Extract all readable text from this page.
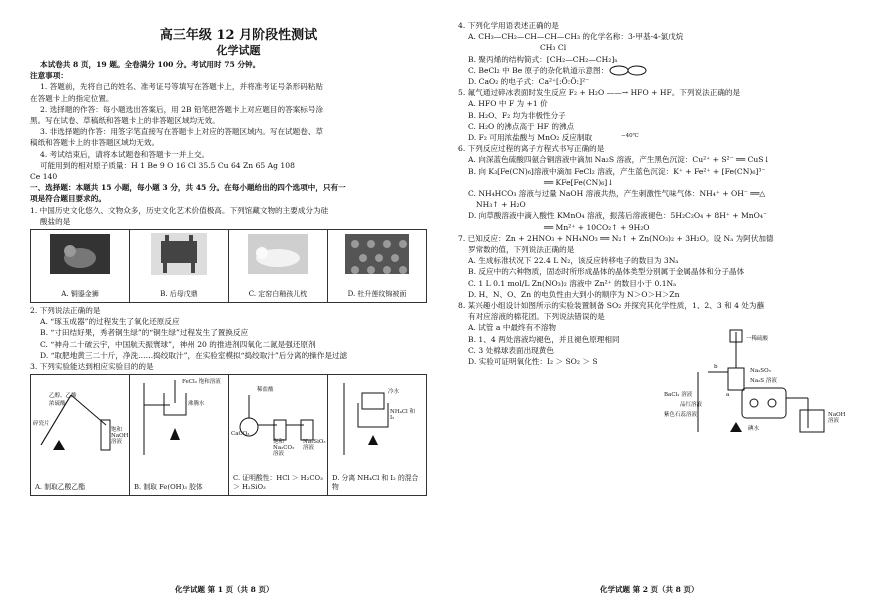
高三年级 12 月阶段性测试
化学试题
本试卷共 8 页，19 题。全卷满分 100 分。考试用时 75 分钟。
注意事项：
1. 答题前，先将自己的姓名、准考证号等填写在答题卡上，并将准考证号条形码粘贴
在答题卡上的指定位置。
2. 选择题的作答：每小题选出答案后，用 2B 铅笔把答题卡上对应题目的答案标号涂
黑。写在试卷、草稿纸和答题卡上的非答题区域均无效。
3. 非选择题的作答：用签字笔直接写在答题卡上对应的答题区域内。写在试题卷、草
稿纸和答题卡上的非答题区域均无效。
4. 考试结束后，请将本试题卷和答题卡一并上交。
可能用到的相对原子质量：H 1 Be 9 O 16 Cl 35.5 Cu 64 Zn 65 Ag 108
Ce 140
一、选择题：本题共 15 小题，每小题 3 分，共 45 分。在每小题给出的四个选项中，只有一
项是符合题目要求的。
1. 中国历史文化悠久、文物众多，历史文化艺术价值极高。下列馆藏文物的主要成分为硅
酸盐的是
A. 铜鎏金狮	B. 后母戊鼎	C. 定窑白釉孩儿枕	D. 杜升莲纹锦被面
2. 下列说法正确的是
A. “琢玉成器”的过程发生了氧化还原反应
B. “寸田结好果，秀者铜生绿”的“铜生绿”过程发生了置换反应
C. “神舟二十破云宇，中国航天振寰球”，神州 20 的推进剂四氧化二氮是强还原剂
D. “取肥地黄三二十斤，净洗……捣绞取汁”，在实验室模拟“捣绞取汁”后分离的操作是过滤
3. 下列实验能达到相应实验目的的是
乙醇、乙酸
浓硫酸
碎瓷片
饱和 NaOH 溶液
A. 制取乙酸乙酯
FeCl₃ 饱和溶液
沸腾水
B. 制取 Fe(OH)₃ 胶体
稀盐酸
CaCO₃
饱和 Na₂CO₃ 溶液
Na₂SiO₃ 溶液
C. 证明酸性：HCl ＞ H₂CO₃ ＞ H₂SiO₃
冷水
NH₄Cl 和 I₂
D. 分离 NH₄Cl 和 I₂ 的混合物
化学试题 第 1 页（共 8 页）
4. 下列化学用语表述正确的是
A. CH₃—CH₂—CH—CH—CH₃ 的化学名称：3-甲基-4-氯戊烷
CH₃ Cl
B. 聚丙烯的结构简式：[CH₂—CH₂—CH₂]ₙ
C. BeCl₂ 中 Be 原子的杂化轨道示意图：
D. CaO₂ 的电子式：Ca²⁺[:Ö:Ö:]²⁻
5. 氟气通过碎冰表面时发生反应 F₂ + H₂O ——→ HFO + HF。下列说法正确的是
−40℃
A. HFO 中 F 为 +1 价
B. H₂O、F₂ 均为非极性分子
C. H₂O 的沸点高于 HF 的沸点
D. F₂ 可用浓盐酸与 MnO₂ 反应制取
6. 下列反应过程的离子方程式书写正确的是
A. 向深蓝色硫酸四氨合铜溶液中滴加 Na₂S 溶液，产生黑色沉淀：Cu²⁺ + S²⁻ ══ CuS↓
B. 向 K₃[Fe(CN)₆]溶液中滴加 FeCl₂ 溶液，产生蓝色沉淀：K⁺ + Fe²⁺ + [Fe(CN)₆]³⁻
══ KFe[Fe(CN)₆]↓
C. NH₄HCO₃ 溶液与过量 NaOH 溶液共热，产生刺激性气味气体：NH₄⁺ + OH⁻ ══△
NH₃↑ + H₂O
D. 向草酸溶液中滴入酸性 KMnO₄ 溶液，振荡后溶液褪色：5H₂C₂O₄ + 8H⁺ + MnO₄⁻
══ Mn²⁺ + 10CO₂↑ + 9H₂O
7. 已知反应：Zn + 2HNO₃ + NH₄NO₃ ══ N₂↑ + Zn(NO₃)₂ + 3H₂O。设 Nₐ 为阿伏加德
罗常数的值，下列说法正确的是
A. 生成标准状况下 22.4 L N₂，该反应转移电子的数目为 3Nₐ
B. 反应中的六种物质，固态时所形成晶体的晶体类型分别属于金属晶体和分子晶体
C. 1 L 0.1 mol/L Zn(NO₃)₂ 溶液中 Zn²⁺ 的数目小于 0.1Nₐ
D. H、N、O、Zn 的电负性由大到小的顺序为 N＞O＞H＞Zn
8. 某兴趣小组设计如图所示的实验装置制备 SO₂ 并探究其化学性质，1、2、3 和 4 处为蘸
有对应溶液的棉花团。下列说法错误的是
A. 试管 a 中最终有不溶物
B. 1、4 两处溶液均褪色，并且褪色原理相同
C. 3 处棉球表面出现黄色
D. 实验可证明氧化性：I₂ ＞ SO₂ ＞ S
一稀硫酸
Na₂SO₃
Na₂S 溶液
碘水
BaCl₂ 溶液
品红溶液
紫色石蕊溶液	NaOH 溶液
b
a
化学试题 第 2 页（共 8 页）
